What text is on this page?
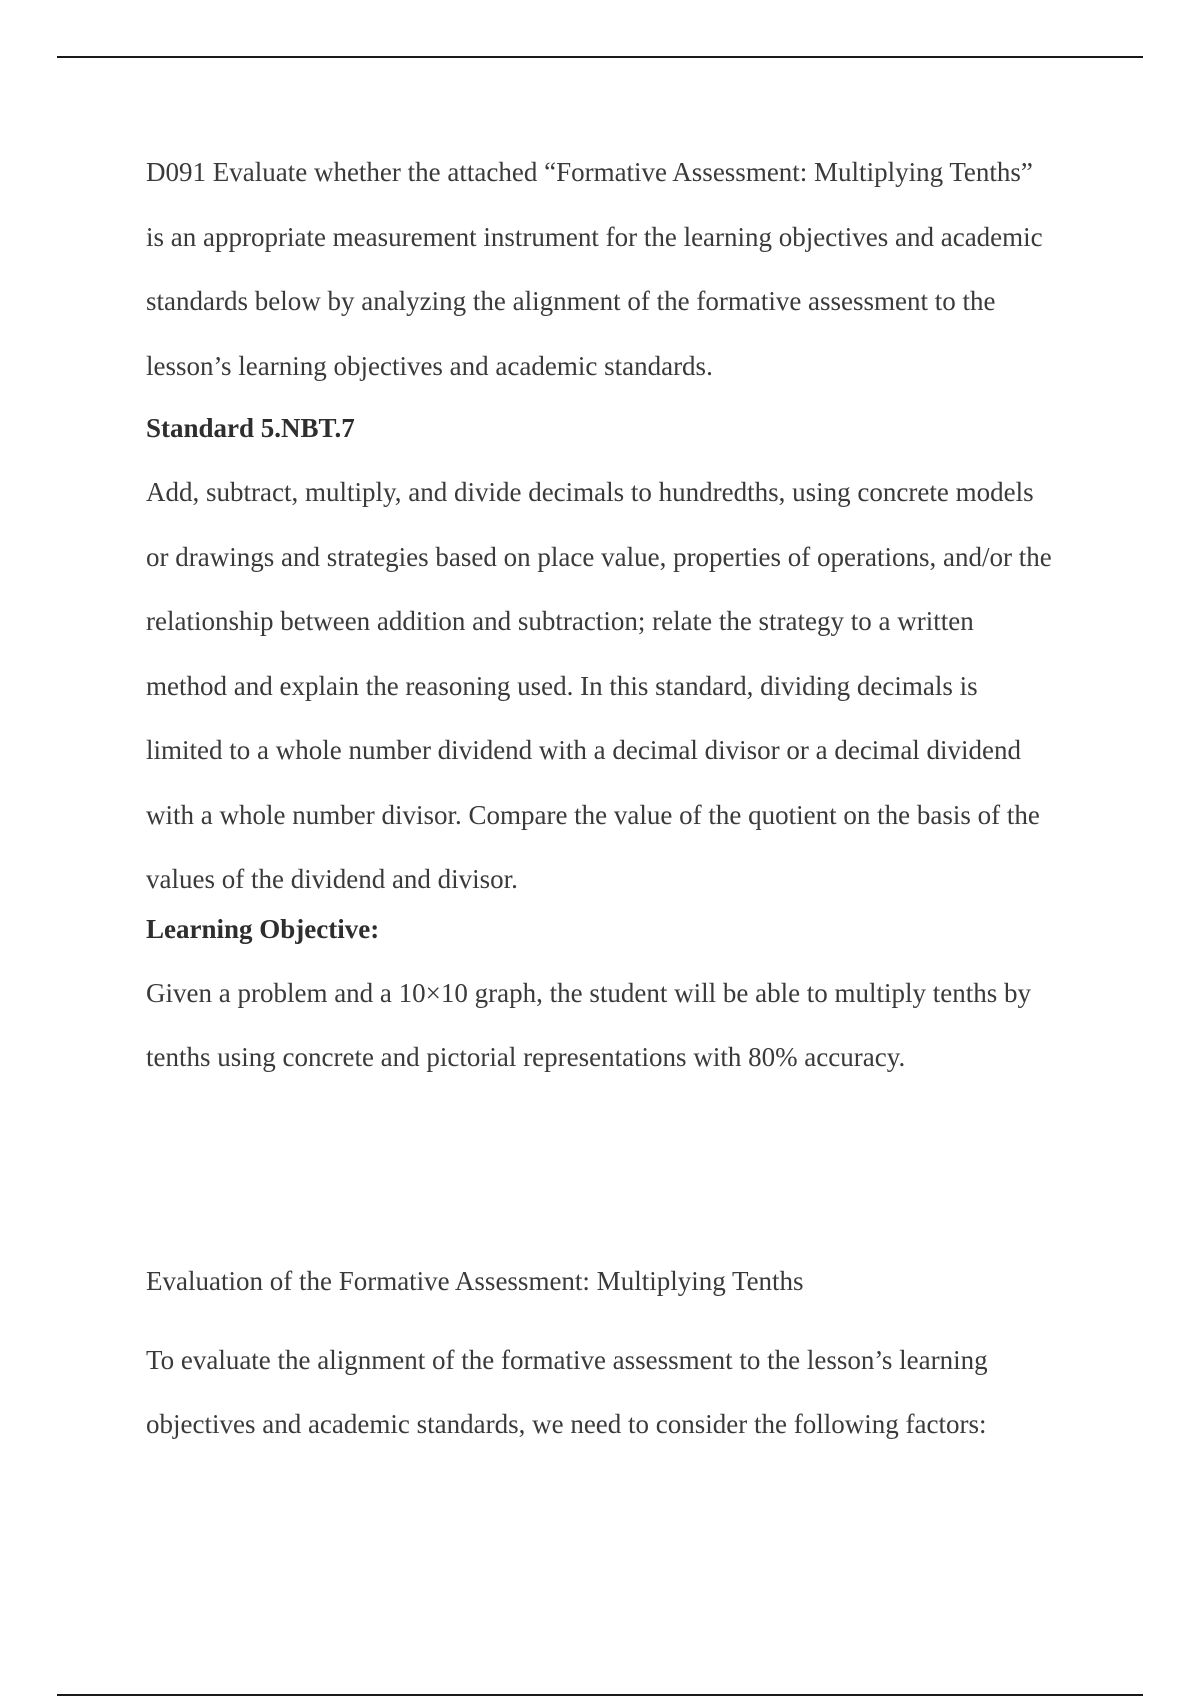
D091 Evaluate whether the attached “Formative Assessment: Multiplying Tenths” is an appropriate measurement instrument for the learning objectives and academic standards below by analyzing the alignment of the formative assessment to the lesson’s learning objectives and academic standards.

Standard 5.NBT.7

Add, subtract, multiply, and divide decimals to hundredths, using concrete models or drawings and strategies based on place value, properties of operations, and/or the relationship between addition and subtraction; relate the strategy to a written method and explain the reasoning used. In this standard, dividing decimals is limited to a whole number dividend with a decimal divisor or a decimal dividend with a whole number divisor. Compare the value of the quotient on the basis of the values of the dividend and divisor.

Learning Objective:

Given a problem and a 10×10 graph, the student will be able to multiply tenths by tenths using concrete and pictorial representations with 80% accuracy.

Evaluation of the Formative Assessment: Multiplying Tenths

To evaluate the alignment of the formative assessment to the lesson’s learning objectives and academic standards, we need to consider the following factors:
